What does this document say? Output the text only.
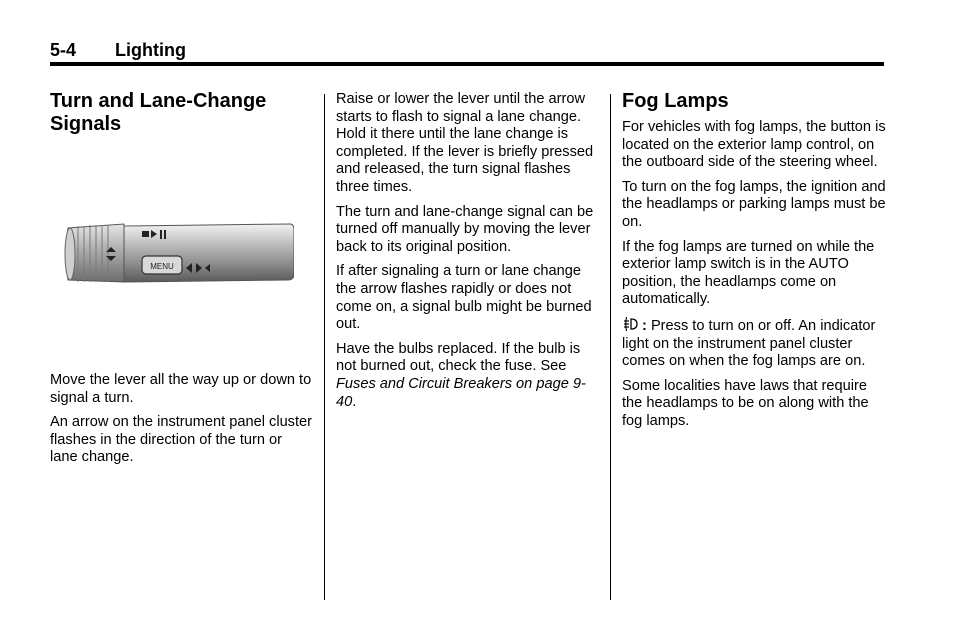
5-4 Lighting
Turn and Lane-Change Signals
MENU

Move the lever all the way up or down to signal a turn.

An arrow on the instrument panel cluster flashes in the direction of the turn or lane change.

Raise or lower the lever until the arrow starts to flash to signal a lane change. Hold it there until the lane change is completed. If the lever is briefly pressed and released, the turn signal flashes three times.

The turn and lane-change signal can be turned off manually by moving the lever back to its original position.

If after signaling a turn or lane change the arrow flashes rapidly or does not come on, a signal bulb might be burned out.

Have the bulbs replaced. If the bulb is not burned out, check the fuse. See Fuses and Circuit Breakers on page 9-40.

Fog Lamps

For vehicles with fog lamps, the button is located on the exterior lamp control, on the outboard side of the steering wheel.

To turn on the fog lamps, the ignition and the headlamps or parking lamps must be on.

If the fog lamps are turned on while the exterior lamp switch is in the AUTO position, the headlamps come on automatically.

: Press to turn on or off. An indicator light on the instrument panel cluster comes on when the fog lamps are on.

Some localities have laws that require the headlamps to be on along with the fog lamps.
